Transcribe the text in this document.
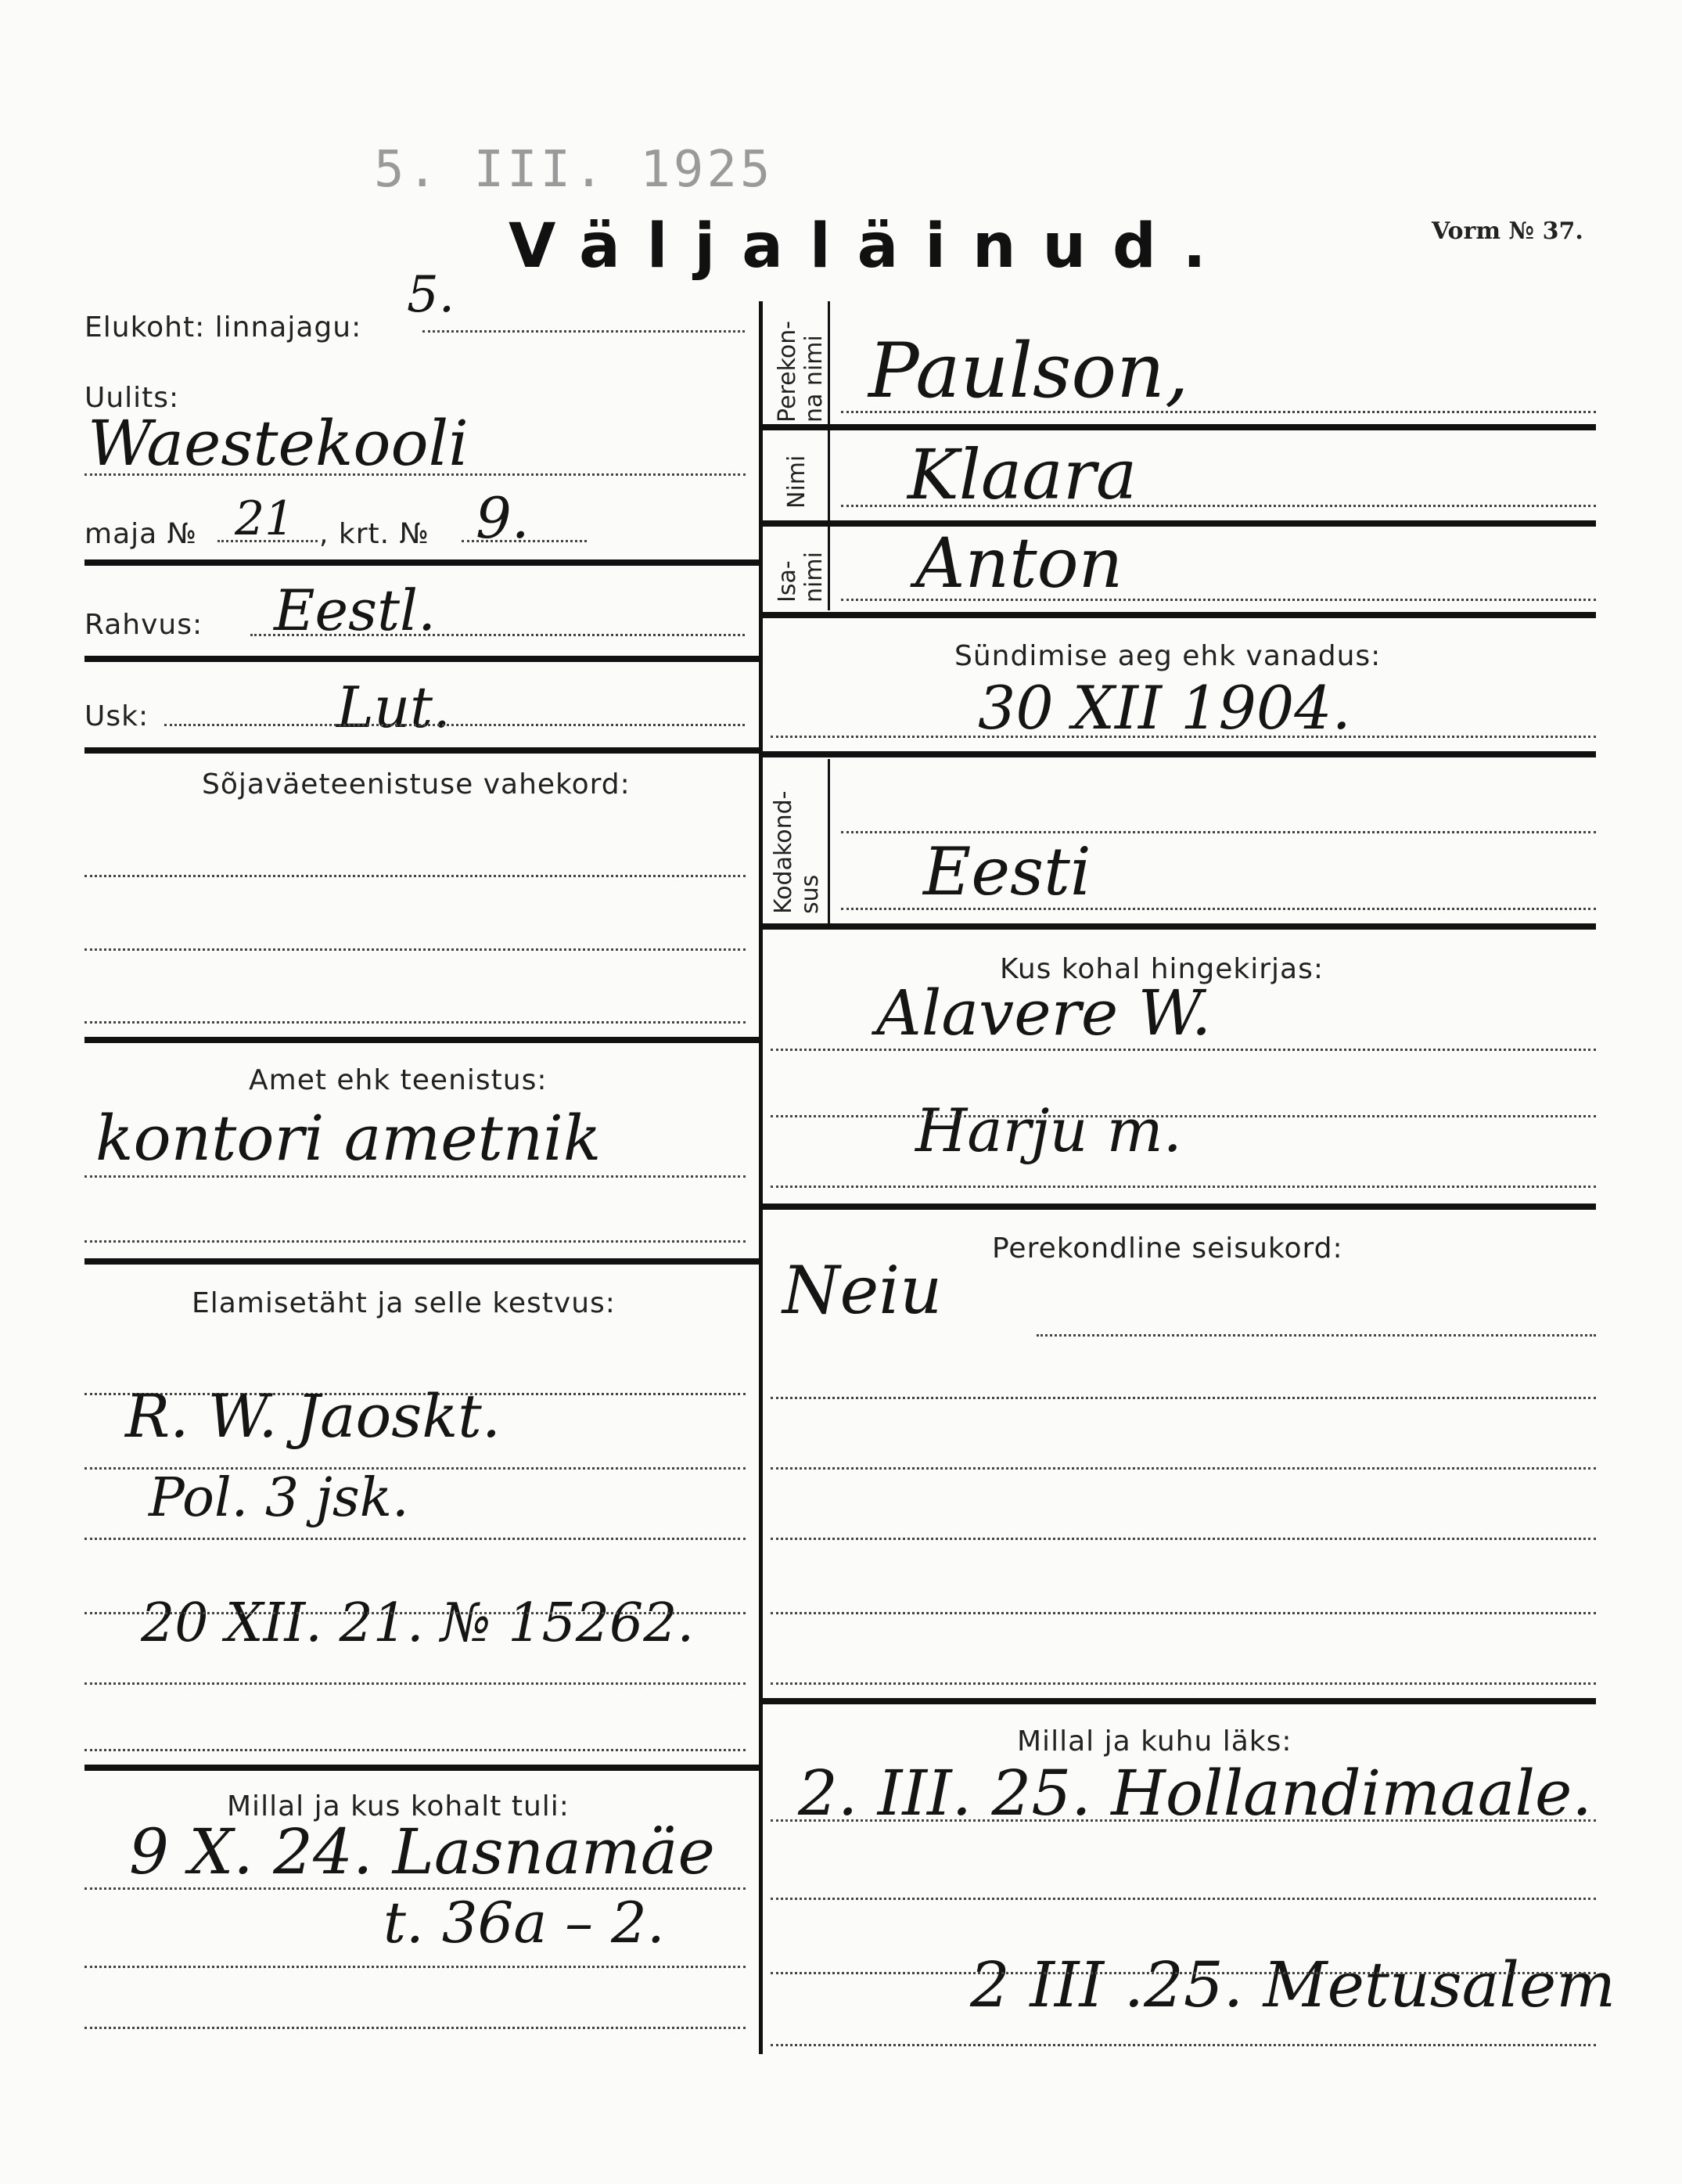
5. III. 1925
Väljaläinud.	Vorm № 37.
Elukoht: linnajagu:
5.
Uulits:
Waestekooli
maja № 21 , krt. № 9.
Rahvus: Eestl.
Usk:	Lut.
Sõjaväeteenistuse vahekord:
Amet ehk teenistus:
kontori ametnik
Elamisetäht ja selle kestvus:
R. W. Jaoskt.
Pol. 3 jsk.
20 XII. 21. № 15262.
Millal ja kus kohalt tuli:
9 X. 24. Lasnamäe
t. 36a – 2.
Perekon-
na nimi Paulson,
Nimi Klaara
Isa-
nimi Anton
Sündimise aeg ehk vanadus:
30 XII 1904.
Kodakond-
sus Eesti
Kus kohal hingekirjas:
Alavere W.
Harju m.
Perekondline seisukord:
Neiu
Millal ja kuhu läks:
2. III. 25. Hollandimaale.
2 III .25. Metusalem
